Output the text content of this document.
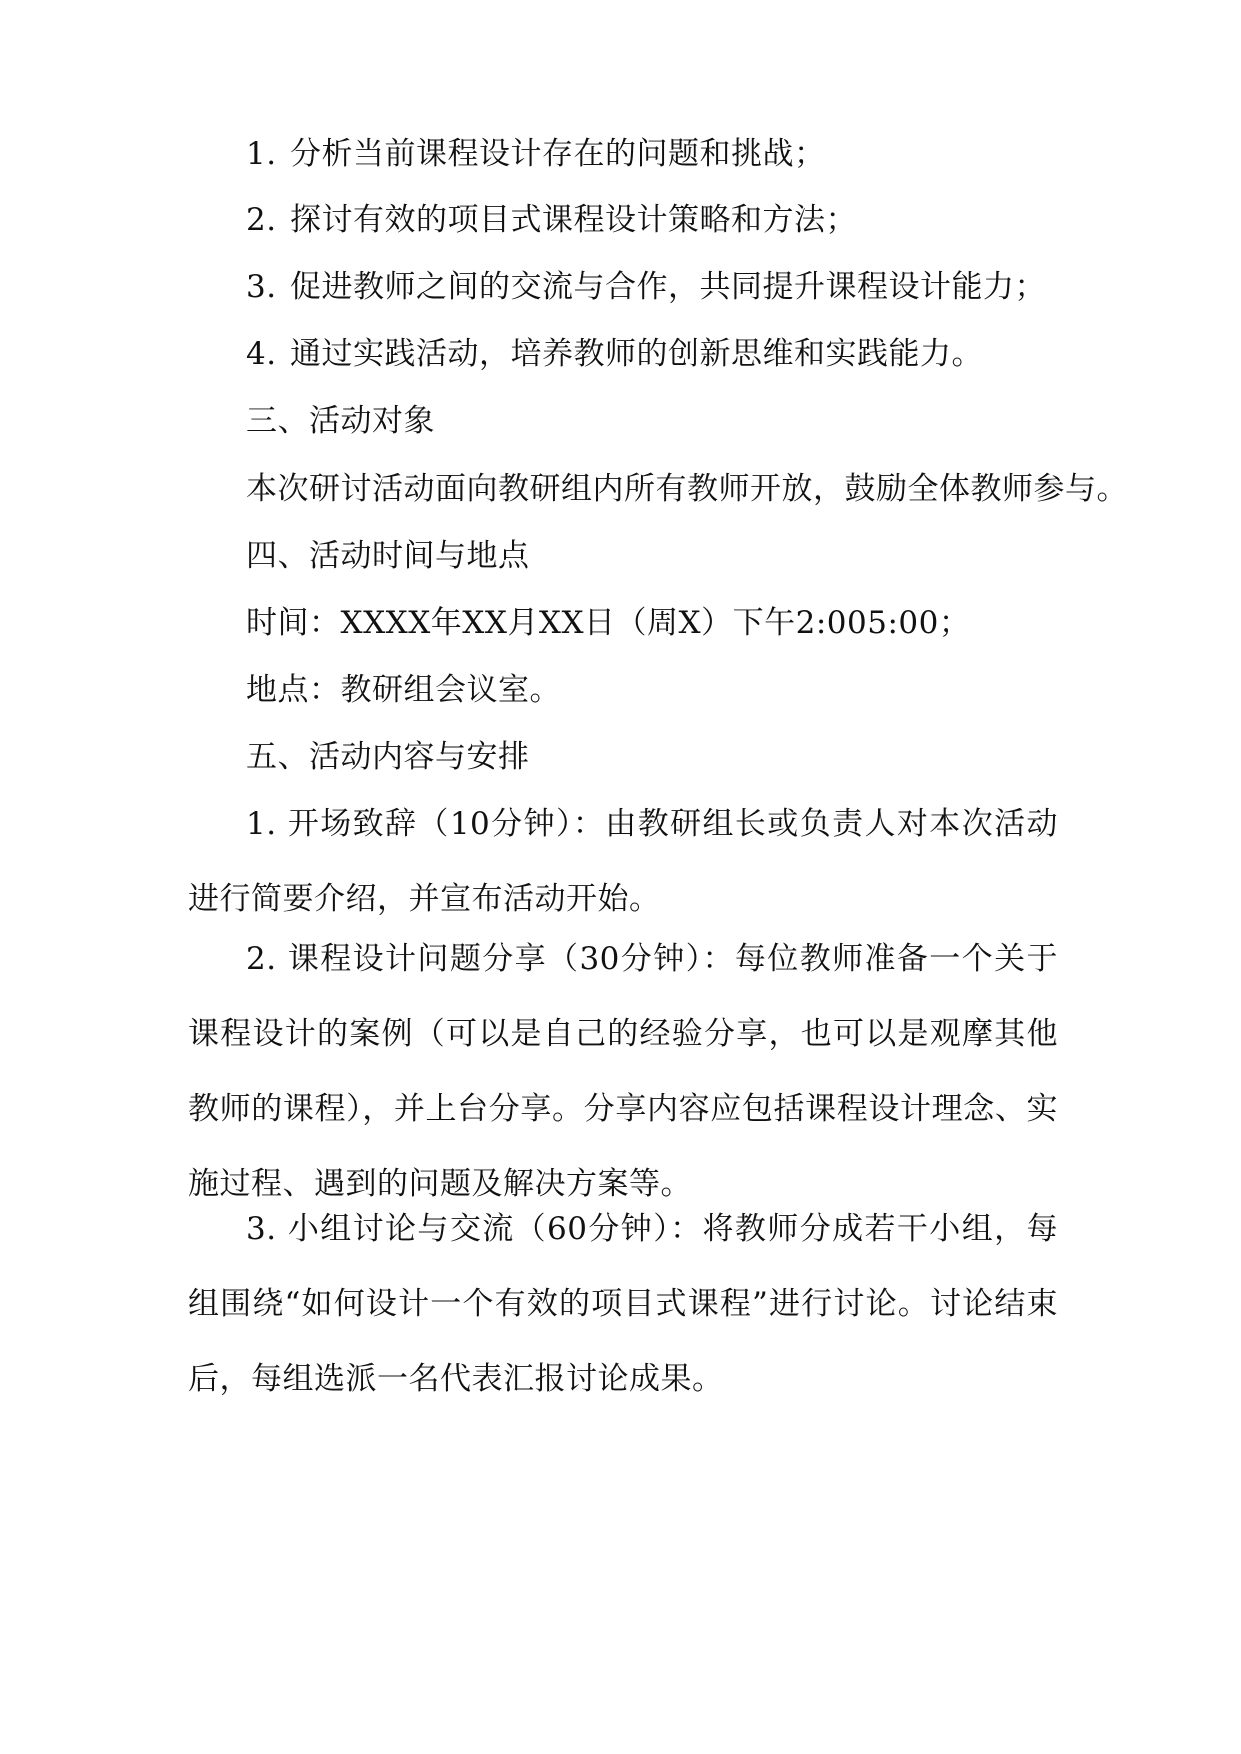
1. 分析当前课程设计存在的问题和挑战；

2. 探讨有效的项目式课程设计策略和方法；

3. 促进教师之间的交流与合作，共同提升课程设计能力；

4. 通过实践活动，培养教师的创新思维和实践能力。

三、活动对象

本次研讨活动面向教研组内所有教师开放，鼓励全体教师参与。

四、活动时间与地点

时间：XXXX年XX月XX日（周X）下午2:005:00；

地点：教研组会议室。

五、活动内容与安排

1. 开场致辞（10分钟）：由教研组长或负责人对本次活动进行简要介绍，并宣布活动开始。

2. 课程设计问题分享（30分钟）：每位教师准备一个关于课程设计的案例（可以是自己的经验分享，也可以是观摩其他教师的课程），并上台分享。分享内容应包括课程设计理念、实施过程、遇到的问题及解决方案等。

3. 小组讨论与交流（60分钟）：将教师分成若干小组，每组围绕“如何设计一个有效的项目式课程”进行讨论。讨论结束后，每组选派一名代表汇报讨论成果。
